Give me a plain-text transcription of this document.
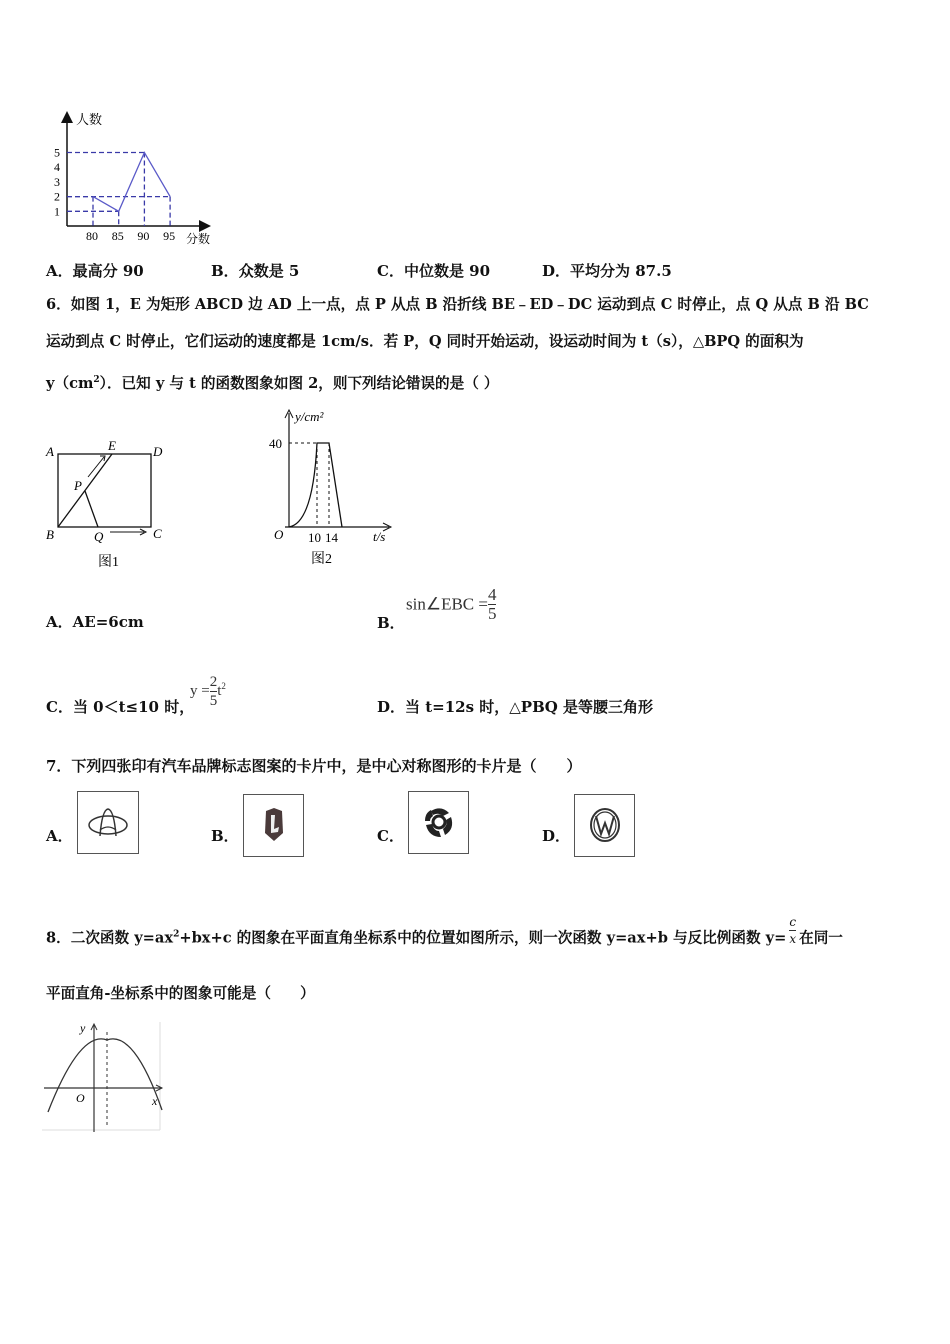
人数
分数
1
2
3
4
5
80 85 90 95
A．最高分 90	B．众数是 5	C．中位数是 90	D．平均分为 87.5
6．如图 1，E 为矩形 ABCD 边 AD 上一点，点 P 从点 B 沿折线 BE﹣ED﹣DC 运动到点 C 时停止，点 Q 从点 B 沿 BC
运动到点 C 时停止，它们运动的速度都是 1cm/s．若 P，Q 同时开始运动，设运动时间为 t（s），△BPQ 的面积为
$y(cm^2)$．已知 y 与 t 的函数图象如图 2，则下列结论错误的是（ ）
A	E	D
P
B	Q	C
图1
y/cm²
40
O 10 14	t/s
图2
A．AE=6cm	B．
sin∠EBC = $\frac{4}{5}$
C．当 0＜t≤10 时，
$y = \frac{2}{5} t^2$
D．当 t=12s 时，△PBQ 是等腰三角形
7．下列四张印有汽车品牌标志图案的卡片中，是中心对称图形的卡片是（　　）
A．	B．	C．	D．
8．二次函数 $y=ax^2+bx+c$ 的图象在平面直角坐标系中的位置如图所示，则一次函数 y=ax+b 与反比例函数 $y= \frac{c}{x}$ 在同一
平面直角-坐标系中的图象可能是（　　）
y
x
O
